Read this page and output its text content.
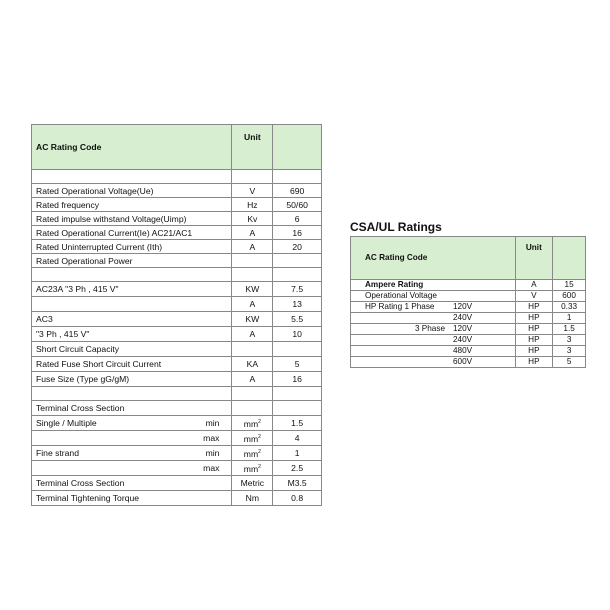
AC Rating Code	Unit	

Rated Operational Voltage(Ue)	V	690
Rated frequency	Hz	50/60
Rated impulse withstand Voltage(Uimp)	Kv	6
Rated Operational Current(Ie) AC21/AC1	A	16
Rated Uninterrupted Current (Ith)	A	20
Rated Operational Power		

AC23A "3 Ph , 415 V"	KW	7.5
	A	13
AC3	KW	5.5
"3 Ph , 415 V"	A	10
Short Circuit Capacity		
Rated Fuse Short Circuit Current	KA	5
Fuse Size (Type gG/gM)	A	16

Terminal Cross Section		

Single / Multiple min	$mm^2$	1.5

max	$mm^2$	4

Fine strand min	$mm^2$	1

max	$mm^2$	2.5
Terminal Cross Section	Metric	M3.5
Terminal Tightening Torque	Nm	0.8
CSA/UL Ratings
AC Rating Code	Unit	
Ampere Rating	A	15
Operational Voltage	V	600

HP Rating 1 Phase 120V	HP	0.33

240V	HP	1

3 Phase 120V	HP	1.5

240V	HP	3

480V	HP	3

600V	HP	5
